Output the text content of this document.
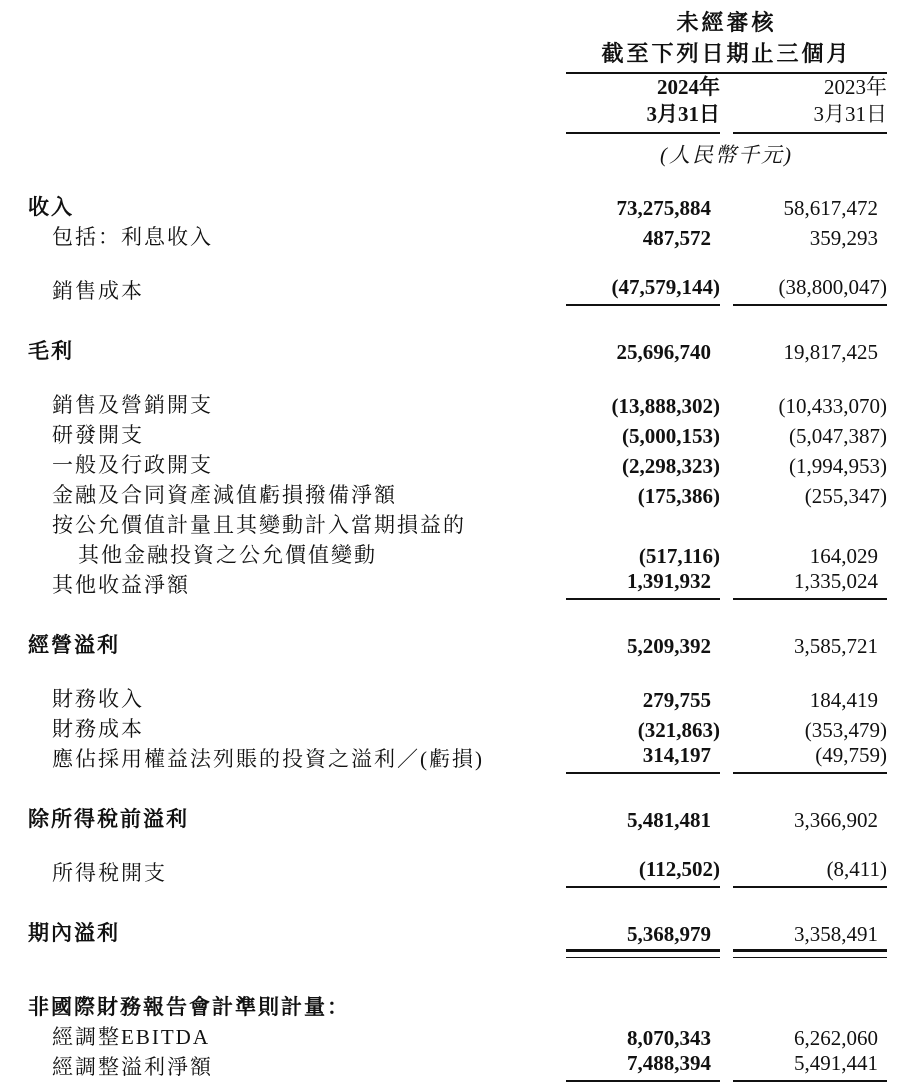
	未經審核		
	截至下列日期止三個月		

2024年
3月31日

2023年
3月31日

	(人民幣千元)		

收入	73,275,884		58,617,472
包括：利息收入	487,572		359,293

銷售成本	(47,579,144)		(38,800,047)

毛利	25,696,740		19,817,425

銷售及營銷開支	(13,888,302)		(10,433,070)
研發開支	(5,000,153)		(5,047,387)
一般及行政開支	(2,298,323)		(1,994,953)
金融及合同資產減值虧損撥備淨額	(175,386)		(255,347)
按公允價值計量且其變動計入當期損益的			
其他金融投資之公允價值變動	(517,116)		164,029
其他收益淨額	1,391,932		1,335,024

經營溢利	5,209,392		3,585,721

財務收入	279,755		184,419
財務成本	(321,863)		(353,479)
應佔採用權益法列賬的投資之溢利／(虧損)	314,197		(49,759)

除所得稅前溢利	5,481,481		3,366,902

所得稅開支	(112,502)		(8,411)

期內溢利	5,368,979		3,358,491

非國際財務報告會計準則計量：			
經調整EBITDA	8,070,343		6,262,060
經調整溢利淨額	7,488,394		5,491,441
